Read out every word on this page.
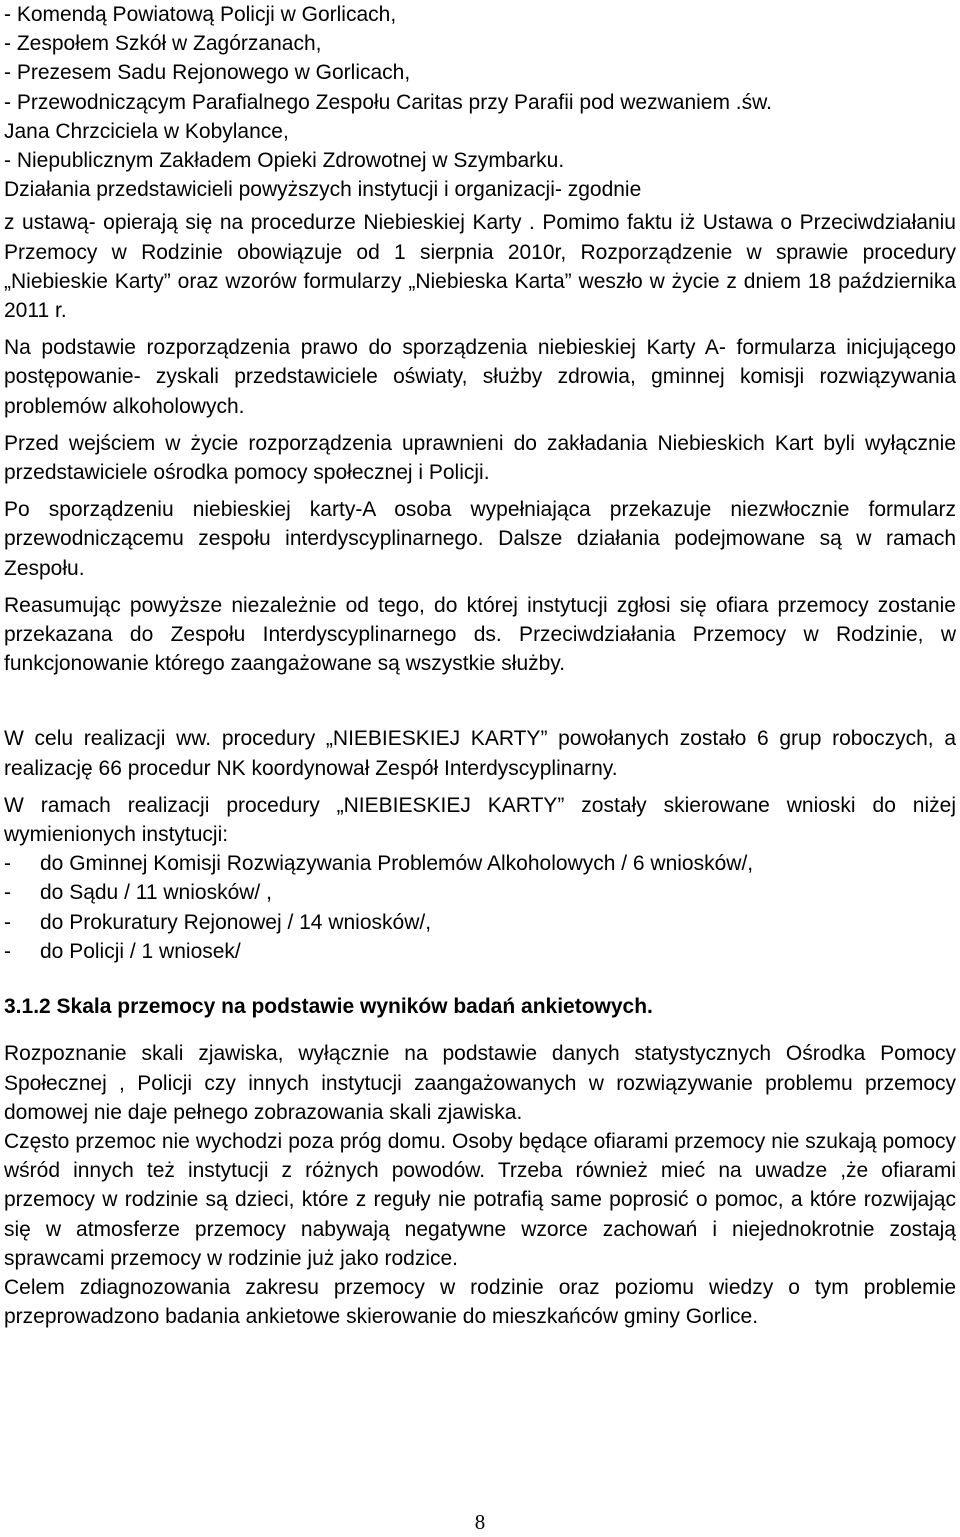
- Komendą Powiatową Policji w Gorlicach,

- Zespołem Szkół w Zagórzanach,

- Prezesem Sadu Rejonowego w Gorlicach,

- Przewodniczącym Parafialnego Zespołu Caritas przy Parafii pod wezwaniem .św.

Jana Chrzciciela w Kobylance,

- Niepublicznym Zakładem Opieki Zdrowotnej w Szymbarku.

Działania przedstawicieli powyższych instytucji i organizacji- zgodnie

z ustawą- opierają się na procedurze Niebieskiej Karty . Pomimo faktu iż Ustawa o Przeciwdziałaniu Przemocy w Rodzinie obowiązuje od 1 sierpnia 2010r, Rozporządzenie w sprawie procedury „Niebieskie Karty” oraz wzorów formularzy „Niebieska Karta” weszło w życie z dniem 18 października 2011 r.

Na podstawie rozporządzenia prawo do sporządzenia niebieskiej Karty A- formularza inicjującego postępowanie- zyskali przedstawiciele oświaty, służby zdrowia, gminnej komisji rozwiązywania problemów alkoholowych.

Przed wejściem w życie rozporządzenia uprawnieni do zakładania Niebieskich Kart byli wyłącznie przedstawiciele ośrodka pomocy społecznej i Policji.

Po sporządzeniu niebieskiej karty-A osoba wypełniająca przekazuje niezwłocznie formularz przewodniczącemu zespołu interdyscyplinarnego. Dalsze działania podejmowane są w ramach Zespołu.

Reasumując powyższe niezależnie od tego, do której instytucji zgłosi się ofiara przemocy zostanie przekazana do Zespołu Interdyscyplinarnego ds. Przeciwdziałania Przemocy w Rodzinie, w funkcjonowanie którego zaangażowane są wszystkie służby.

W celu realizacji ww. procedury „NIEBIESKIEJ KARTY” powołanych zostało 6 grup roboczych, a realizację 66 procedur NK koordynował Zespół Interdyscyplinarny.

W ramach realizacji procedury „NIEBIESKIEJ KARTY” zostały skierowane wnioski do niżej wymienionych instytucji:

-	do Gminnej Komisji Rozwiązywania Problemów Alkoholowych / 6 wniosków/,
-	do Sądu / 11 wniosków/ ,
-	do Prokuratury Rejonowej / 14 wniosków/,
-	do Policji / 1 wniosek/

3.1.2 Skala przemocy na podstawie wyników badań ankietowych.

Rozpoznanie skali zjawiska, wyłącznie na podstawie danych statystycznych Ośrodka Pomocy Społecznej , Policji czy innych instytucji zaangażowanych w rozwiązywanie problemu przemocy domowej nie daje pełnego zobrazowania skali zjawiska.

Często przemoc nie wychodzi poza próg domu. Osoby będące ofiarami przemocy nie szukają pomocy wśród innych też instytucji z różnych powodów. Trzeba również mieć na uwadze ,że ofiarami przemocy w rodzinie są dzieci, które z reguły nie potrafią same poprosić o pomoc, a które rozwijając się w atmosferze przemocy nabywają negatywne wzorce zachowań i niejednokrotnie zostają sprawcami przemocy w rodzinie już jako rodzice.

Celem zdiagnozowania zakresu przemocy w rodzinie oraz poziomu wiedzy o tym problemie przeprowadzono badania ankietowe skierowanie do mieszkańców gminy Gorlice.

8
